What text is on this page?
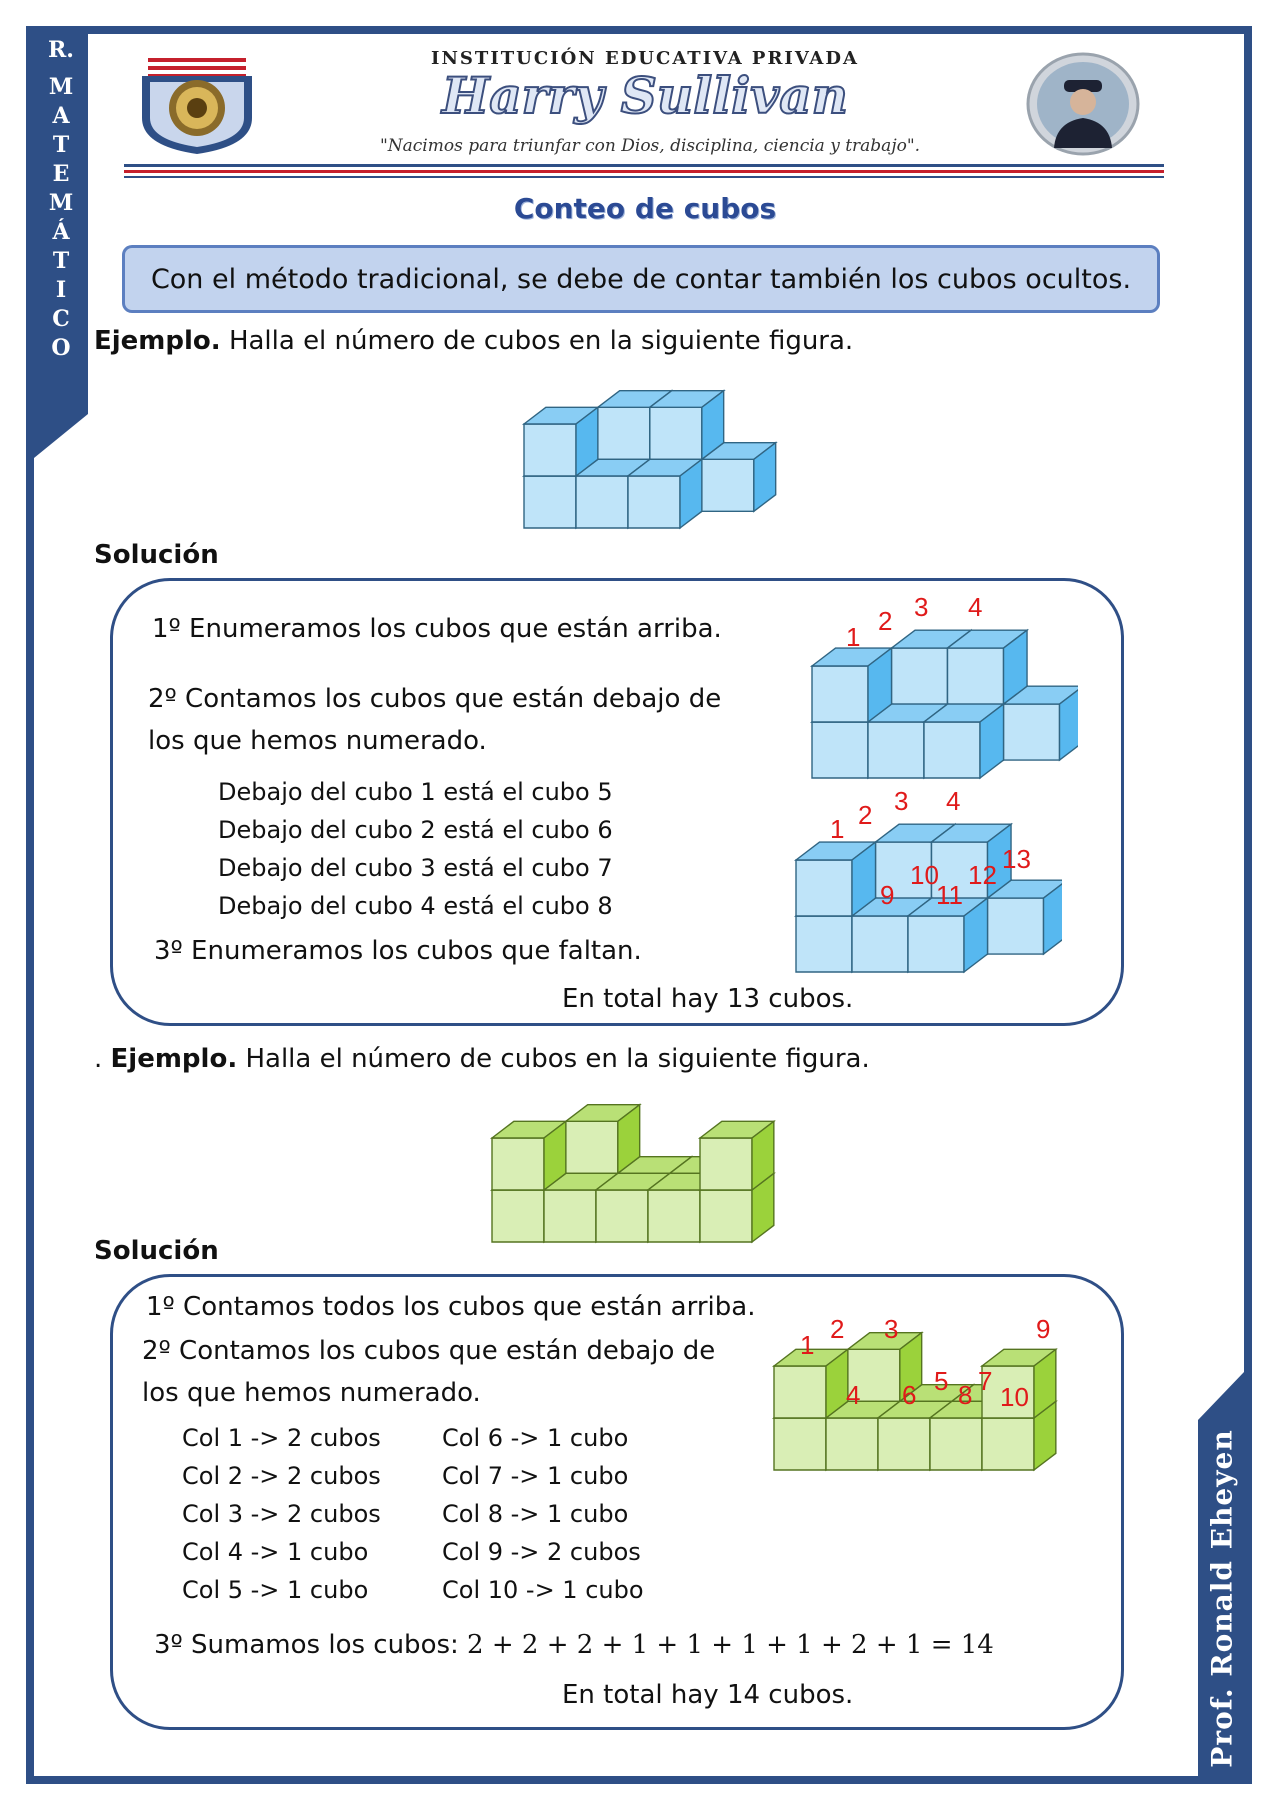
R.
M
A
T
E
M
Á
T
I
C
O
Prof. Ronald Eheyen
INSTITUCIÓN EDUCATIVA PRIVADA
Harry Sullivan
"Nacimos para triunfar con Dios, disciplina, ciencia y trabajo".
Conteo de cubos
Con el método tradicional, se debe de contar también los cubos ocultos.
Ejemplo. Halla el número de cubos en la siguiente figura.
Solución
1º Enumeramos los cubos que están arriba.
2º Contamos los cubos que están debajo de
los que hemos numerado.
Debajo del cubo 1 está el cubo 5
Debajo del cubo 2 está el cubo 6
Debajo del cubo 3 está el cubo 7
Debajo del cubo 4 está el cubo 8
3º Enumeramos los cubos que faltan.
En total hay 13 cubos.
1
2 3 4
1 2 3 4
9
10
11
12
13
. Ejemplo. Halla el número de cubos en la siguiente figura.
Solución
1º Contamos todos los cubos que están arriba.
2º Contamos los cubos que están debajo de
los que hemos numerado.
Col 1 -> 2 cubos
Col 2 -> 2 cubos
Col 3 -> 2 cubos
Col 4 -> 1 cubo
Col 5 -> 1 cubo
Col 6 -> 1 cubo
Col 7 -> 1 cubo
Col 8 -> 1 cubo
Col 9 -> 2 cubos
Col 10 -> 1 cubo
3º Sumamos los cubos: 2 + 2 + 2 + 1 + 1 + 1 + 1 + 2 + 1 = 14
En total hay 14 cubos.
1
2 3
4	5
6 7
8
9
10
